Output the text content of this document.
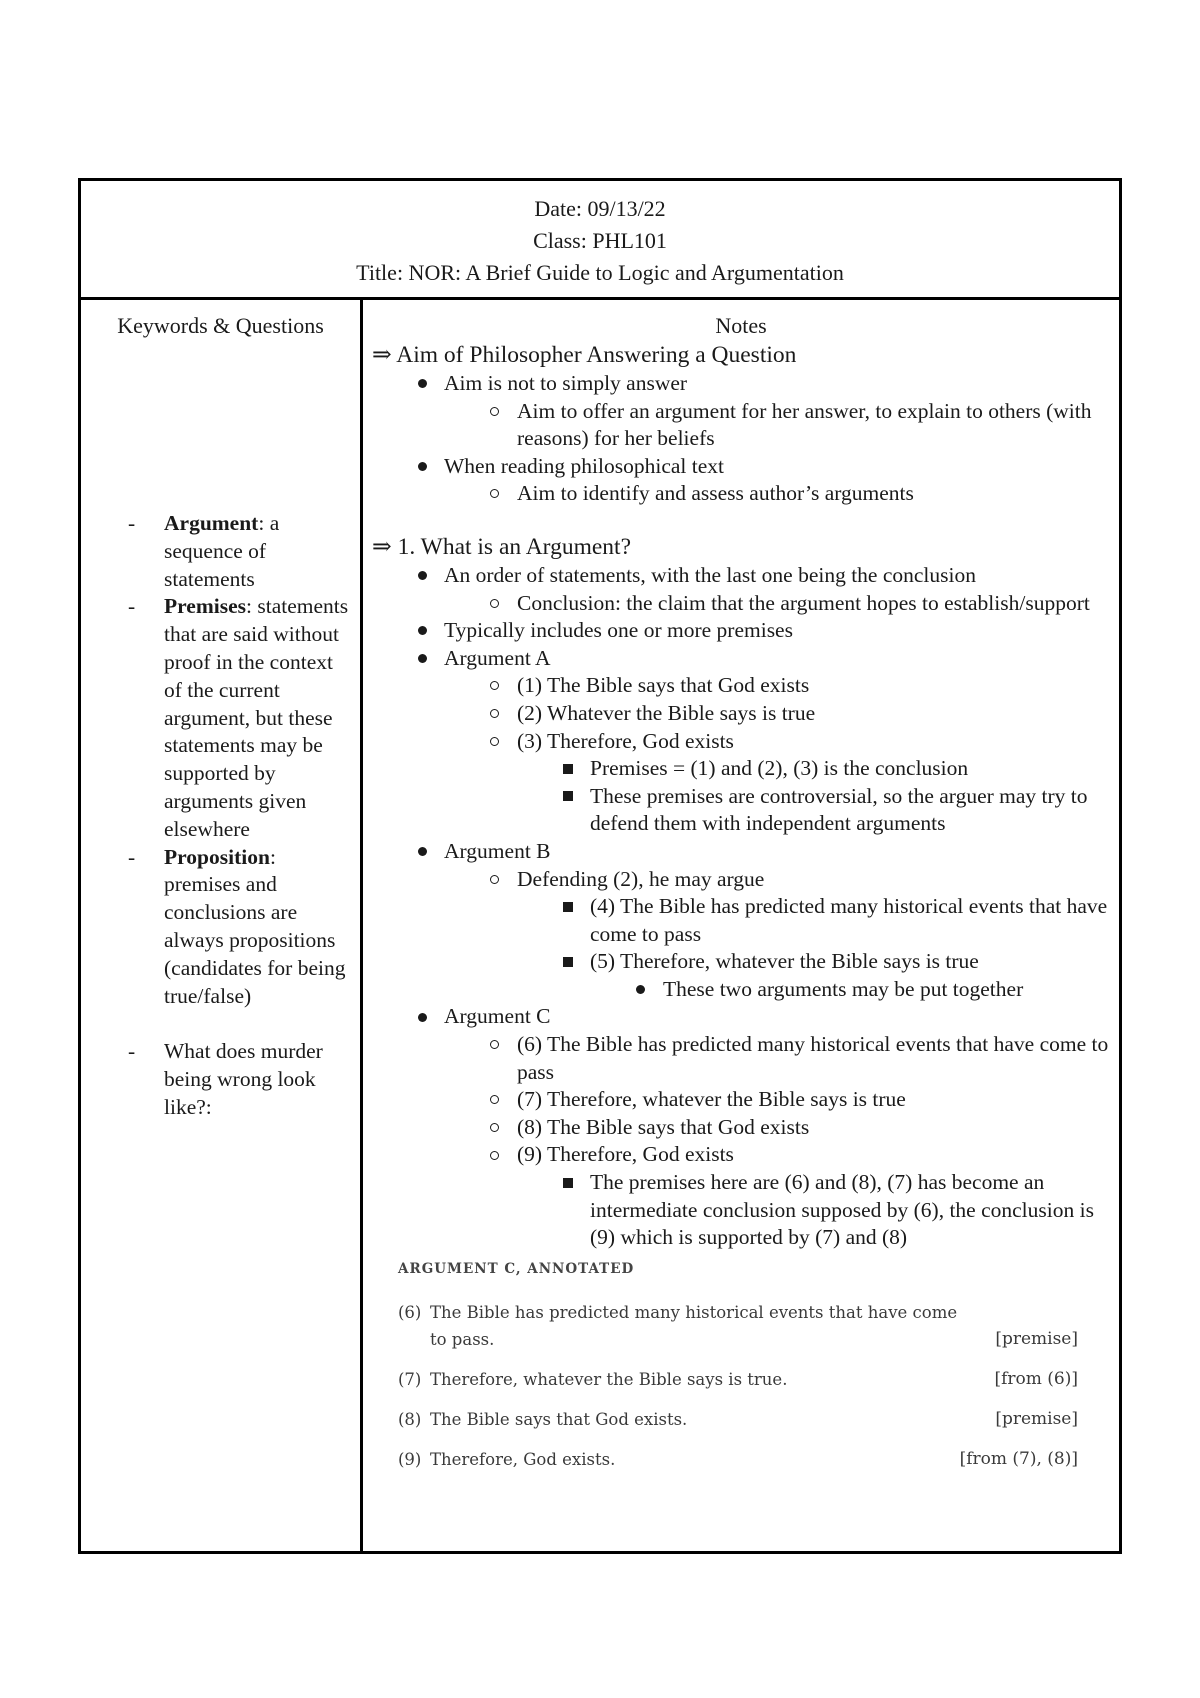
Date: 09/13/22
Class: PHL101
Title: NOR: A Brief Guide to Logic and Argumentation
Keywords & Questions
- Argument: a sequence of statements
- Premises: statements that are said without proof in the context of the current argument, but these statements may be supported by arguments given elsewhere
- Proposition: premises and conclusions are always propositions (candidates for being true/false)
- What does murder being wrong look like?:
Notes
⇒ Aim of Philosopher Answering a Question
Aim is not to simply answer
Aim to offer an argument for her answer, to explain to others (with reasons) for her beliefs
When reading philosophical text
Aim to identify and assess author’s arguments
⇒ 1. What is an Argument?
An order of statements, with the last one being the conclusion
Conclusion: the claim that the argument hopes to establish/support
Typically includes one or more premises
Argument A
(1) The Bible says that God exists
(2) Whatever the Bible says is true
(3) Therefore, God exists
Premises = (1) and (2), (3) is the conclusion
These premises are controversial, so the arguer may try to defend them with independent arguments
Argument B
Defending (2), he may argue
(4) The Bible has predicted many historical events that have come to pass
(5) Therefore, whatever the Bible says is true
These two arguments may be put together
Argument C
(6) The Bible has predicted many historical events that have come to pass
(7) Therefore, whatever the Bible says is true
(8) The Bible says that God exists
(9) Therefore, God exists
The premises here are (6) and (8), (7) has become an intermediate conclusion supposed by (6), the conclusion is (9) which is supported by (7) and (8)
ARGUMENT C, ANNOTATED
(6) The Bible has predicted many historical events that have come to pass.	[premise]
(7) Therefore, whatever the Bible says is true.	[from (6)]
(8) The Bible says that God exists.	[premise]
(9) Therefore, God exists.	[from (7), (8)]
